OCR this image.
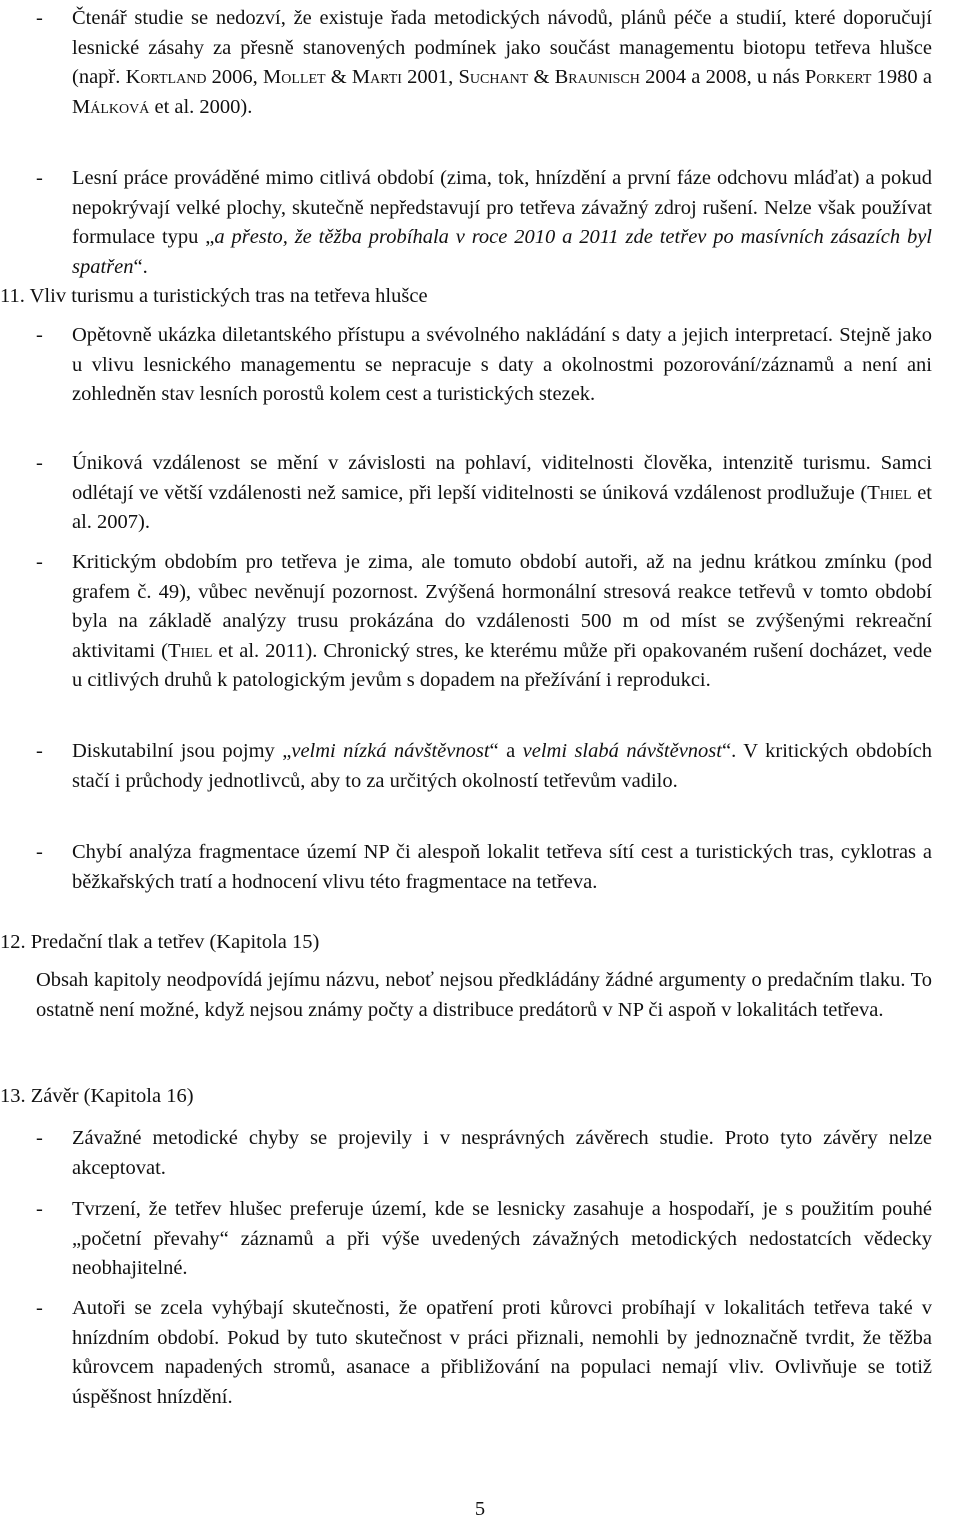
-	Čtenář studie se nedozví, že existuje řada metodických návodů, plánů péče a studií, které doporučují lesnické zásahy za přesně stanovených podmínek jako součást managementu biotopu tetřeva hlušce (např. Kortland 2006, Mollet & Marti 2001, Suchant & Braunisch 2004 a 2008, u nás Porkert 1980 a Málková et al. 2000).
-	Lesní práce prováděné mimo citlivá období (zima, tok, hnízdění a první fáze odchovu mláďat) a pokud nepokrývají velké plochy, skutečně nepředstavují pro tetřeva závažný zdroj rušení. Nelze však používat formulace typu „a přesto, že těžba probíhala v roce 2010 a 2011 zde tetřev po masívních zásazích byl spatřen“.
11. Vliv turismu a turistických tras na tetřeva hlušce
-	Opětovně ukázka diletantského přístupu a svévolného nakládání s daty a jejich interpretací. Stejně jako u vlivu lesnického managementu se nepracuje s daty a okolnostmi pozorování/záznamů a není ani zohledněn stav lesních porostů kolem cest a turistických stezek.
-	Úniková vzdálenost se mění v závislosti na pohlaví, viditelnosti člověka, intenzitě turismu. Samci odlétají ve větší vzdálenosti než samice, při lepší viditelnosti se úniková vzdálenost prodlužuje (Thiel et al. 2007).
-	Kritickým obdobím pro tetřeva je zima, ale tomuto období autoři, až na jednu krátkou zmínku (pod grafem č. 49), vůbec nevěnují pozornost. Zvýšená hormonální stresová reakce tetřevů v tomto období byla na základě analýzy trusu prokázána do vzdálenosti 500 m od míst se zvýšenými rekreační aktivitami (Thiel et al. 2011). Chronický stres, ke kterému může při opakovaném rušení docházet, vede u citlivých druhů k patologickým jevům s dopadem na přežívání i reprodukci.
-	Diskutabilní jsou pojmy „velmi nízká návštěvnost“ a velmi slabá návštěvnost“. V kritických obdobích stačí i průchody jednotlivců, aby to za určitých okolností tetřevům vadilo.
-	Chybí analýza fragmentace území NP či alespoň lokalit tetřeva sítí cest a turistických tras, cyklotras a běžkařských tratí a hodnocení vlivu této fragmentace na tetřeva.
12. Predační tlak a tetřev (Kapitola 15)
Obsah kapitoly neodpovídá jejímu názvu, neboť nejsou předkládány žádné argumenty o predačním tlaku. To ostatně není možné, když nejsou známy počty a distribuce predátorů v NP či aspoň v lokalitách tetřeva.
13. Závěr (Kapitola 16)
-	Závažné metodické chyby se projevily i v nesprávných závěrech studie. Proto tyto závěry nelze akceptovat.
-	Tvrzení, že tetřev hlušec preferuje území, kde se lesnicky zasahuje a hospodaří, je s použitím pouhé „početní převahy“ záznamů a při výše uvedených závažných metodických nedostatcích vědecky neobhajitelné.
-	Autoři se zcela vyhýbají skutečnosti, že opatření proti kůrovci probíhají v lokalitách tetřeva také v hnízdním období. Pokud by tuto skutečnost v práci přiznali, nemohli by jednoznačně tvrdit, že těžba kůrovcem napadených stromů, asanace a přibližování na populaci nemají vliv. Ovlivňuje se totiž úspěšnost hnízdění.
5
